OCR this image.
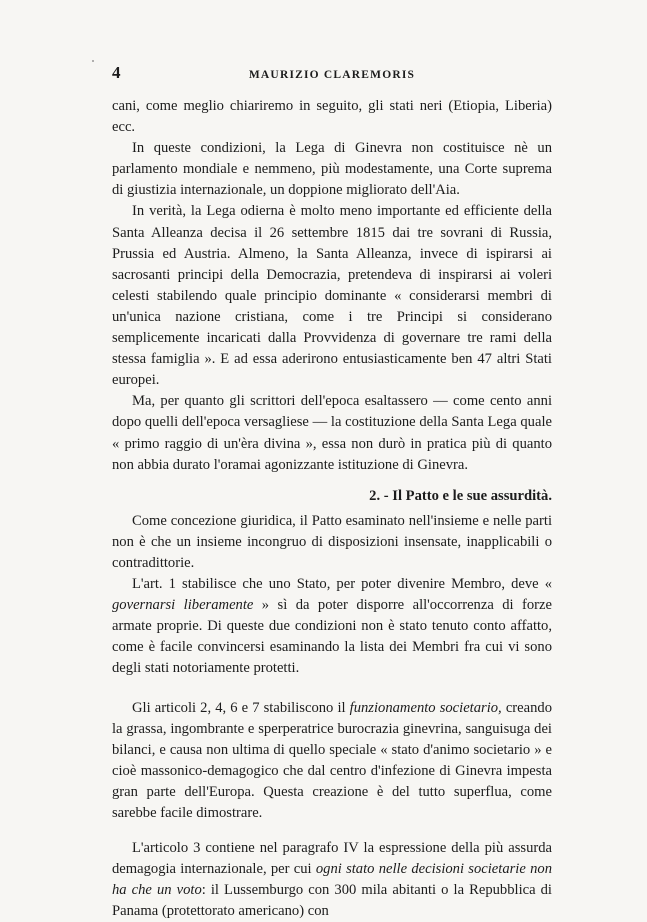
4	MAURIZIO CLAREMORIS

cani, come meglio chiariremo in seguito, gli stati neri (Etiopia, Liberia) ecc.

In queste condizioni, la Lega di Ginevra non costituisce nè un parlamento mondiale e nemmeno, più modestamente, una Corte suprema di giustizia internazionale, un doppione migliorato dell'Aia.

In verità, la Lega odierna è molto meno importante ed efficiente della Santa Alleanza decisa il 26 settembre 1815 dai tre sovrani di Russia, Prussia ed Austria. Almeno, la Santa Alleanza, invece di ispirarsi ai sacrosanti principi della Democrazia, pretendeva di inspirarsi ai voleri celesti stabilendo quale principio dominante « considerarsi membri di un'unica nazione cristiana, come i tre Principi si considerano semplicemente incaricati dalla Provvidenza di governare tre rami della stessa famiglia ». E ad essa aderirono entusiasticamente ben 47 altri Stati europei.

Ma, per quanto gli scrittori dell'epoca esaltassero — come cento anni dopo quelli dell'epoca versagliese — la costituzione della Santa Lega quale « primo raggio di un'èra divina », essa non durò in pratica più di quanto non abbia durato l'oramai agonizzante istituzione di Ginevra.

2. - Il Patto e le sue assurdità.

Come concezione giuridica, il Patto esaminato nell'insieme e nelle parti non è che un insieme incongruo di disposizioni insensate, inapplicabili o contradittorie.

L'art. 1 stabilisce che uno Stato, per poter divenire Membro, deve « governarsi liberamente » sì da poter disporre all'occorrenza di forze armate proprie. Di queste due condizioni non è stato tenuto conto affatto, come è facile convincersi esaminando la lista dei Membri fra cui vi sono degli stati notoriamente protetti.

Gli articoli 2, 4, 6 e 7 stabiliscono il funzionamento societario, creando la grassa, ingombrante e sperperatrice burocrazia ginevrina, sanguisuga dei bilanci, e causa non ultima di quello speciale « stato d'animo societario » e cioè massonico-demagogico che dal centro d'infezione di Ginevra impesta gran parte dell'Europa. Questa creazione è del tutto superflua, come sarebbe facile dimostrare.

L'articolo 3 contiene nel paragrafo IV la espressione della più assurda demagogia internazionale, per cui ogni stato nelle decisioni societarie non ha che un voto: il Lussemburgo con 300 mila abitanti o la Repubblica di Panama (protettorato americano) con
